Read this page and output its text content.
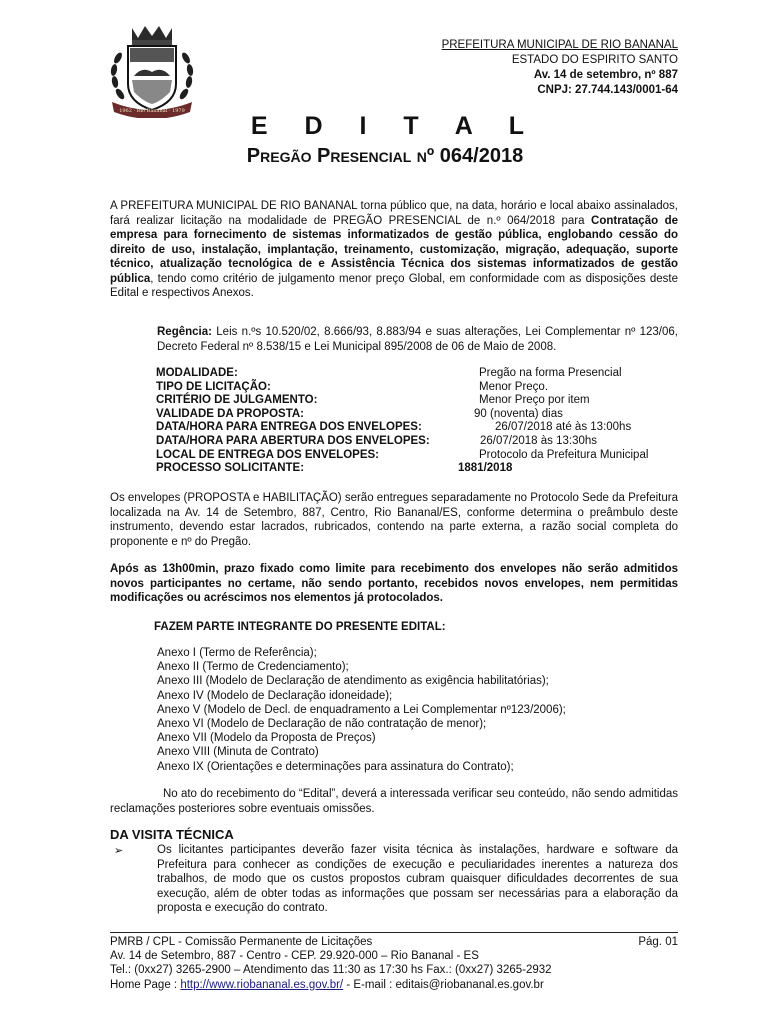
1962 · Rio Bananal · 1979
PREFEITURA MUNICIPAL DE RIO BANANAL
ESTADO DO ESPIRITO SANTO
Av. 14 de setembro, nº 887
CNPJ: 27.744.143/0001-64
E D I T A L
Pregão Presencial nº 064/2018
A PREFEITURA MUNICIPAL DE RIO BANANAL torna público que, na data, horário e local abaixo assinalados, fará realizar licitação na modalidade de PREGÃO PRESENCIAL de n.º 064/2018 para Contratação de empresa para fornecimento de sistemas informatizados de gestão pública, englobando cessão do direito de uso, instalação, implantação, treinamento, customização, migração, adequação, suporte técnico, atualização tecnológica de e Assistência Técnica dos sistemas informatizados de gestão pública, tendo como critério de julgamento menor preço Global, em conformidade com as disposições deste Edital e respectivos Anexos.
Regência: Leis n.ºs 10.520/02, 8.666/93, 8.883/94 e suas alterações, Lei Complementar nº 123/06, Decreto Federal nº 8.538/15 e Lei Municipal 895/2008 de 06 de Maio de 2008.
MODALIDADE:	Pregão na forma Presencial
TIPO DE LICITAÇÃO:	Menor Preço.
CRITÉRIO DE JULGAMENTO:	Menor Preço por item
VALIDADE DA PROPOSTA:	90 (noventa) dias
DATA/HORA PARA ENTREGA DOS ENVELOPES:	26/07/2018 até às 13:00hs
DATA/HORA PARA ABERTURA DOS ENVELOPES:	26/07/2018 às 13:30hs
LOCAL DE ENTREGA DOS ENVELOPES:	Protocolo da Prefeitura Municipal
PROCESSO SOLICITANTE:	1881/2018
Os envelopes (PROPOSTA e HABILITAÇÃO) serão entregues separadamente no Protocolo Sede da Prefeitura localizada na Av. 14 de Setembro, 887, Centro, Rio Bananal/ES, conforme determina o preâmbulo deste instrumento, devendo estar lacrados, rubricados, contendo na parte externa, a razão social completa do proponente e nº do Pregão.
Após as 13h00min, prazo fixado como limite para recebimento dos envelopes não serão admitidos novos participantes no certame, não sendo portanto, recebidos novos envelopes, nem permitidas modificações ou acréscimos nos elementos já protocolados.
FAZEM PARTE INTEGRANTE DO PRESENTE EDITAL:
Anexo I (Termo de Referência);
Anexo II (Termo de Credenciamento);
Anexo III (Modelo de Declaração de atendimento as exigência habilitatórias);
Anexo IV (Modelo de Declaração idoneidade);
Anexo V (Modelo de Decl. de enquadramento a Lei Complementar nº123/2006);
Anexo VI (Modelo de Declaração de não contratação de menor);
Anexo VII (Modelo da Proposta de Preços)
Anexo VIII (Minuta de Contrato)
Anexo IX (Orientações e determinações para assinatura do Contrato);
No ato do recebimento do “Edital”, deverá a interessada verificar seu conteúdo, não sendo admitidas reclamações posteriores sobre eventuais omissões.
DA VISITA TÉCNICA
➢	Os licitantes participantes deverão fazer visita técnica às instalações, hardware e software da Prefeitura para conhecer as condições de execução e peculiaridades inerentes a natureza dos trabalhos, de modo que os custos propostos cubram quaisquer dificuldades decorrentes de sua execução, além de obter todas as informações que possam ser necessárias para a elaboração da proposta e execução do contrato.
PMRB / CPL - Comissão Permanente de Licitações	Pág. 01
Av. 14 de Setembro, 887 - Centro - CEP. 29.920-000 – Rio Bananal - ES
Tel.: (0xx27) 3265-2900 – Atendimento das 11:30 as 17:30 hs Fax.: (0xx27) 3265-2932
Home Page : http://www.riobananal.es.gov.br/ - E-mail : editais@riobananal.es.gov.br
